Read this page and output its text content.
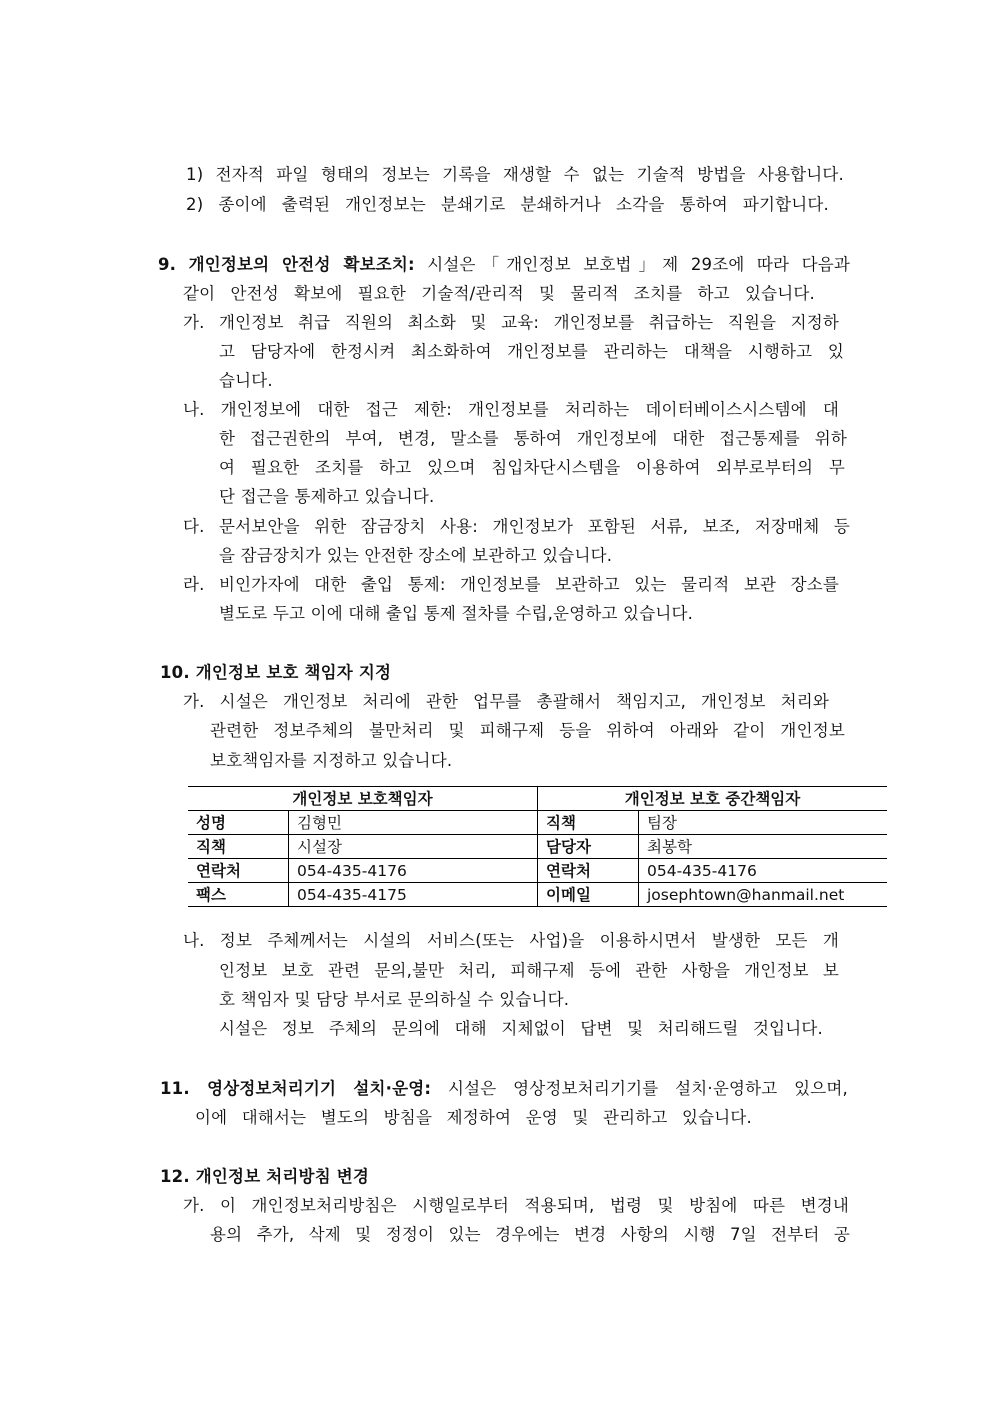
1) 전자적 파일 형태의 정보는 기록을 재생할 수 없는 기술적 방법을 사용합니다.
2) 종이에 출력된 개인정보는 분쇄기로 분쇄하거나 소각을 통하여 파기합니다.
9. 개인정보의 안전성 확보조치: 시설은「개인정보 보호법」제 29조에 따라 다음과
같이 안전성 확보에 필요한 기술적/관리적 및 물리적 조치를 하고 있습니다.
가. 개인정보 취급 직원의 최소화 및 교육: 개인정보를 취급하는 직원을 지정하
고 담당자에 한정시켜 최소화하여 개인정보를 관리하는 대책을 시행하고 있
습니다.
나. 개인정보에 대한 접근 제한: 개인정보를 처리하는 데이터베이스시스템에 대
한 접근권한의 부여, 변경, 말소를 통하여 개인정보에 대한 접근통제를 위하
여 필요한 조치를 하고 있으며 침입차단시스템을 이용하여 외부로부터의 무
단 접근을 통제하고 있습니다.
다. 문서보안을 위한 잠금장치 사용: 개인정보가 포함된 서류, 보조, 저장매체 등
을 잠금장치가 있는 안전한 장소에 보관하고 있습니다.
라. 비인가자에 대한 출입 통제: 개인정보를 보관하고 있는 물리적 보관 장소를
별도로 두고 이에 대해 출입 통제 절차를 수립,운영하고 있습니다.
10. 개인정보 보호 책임자 지정
가. 시설은 개인정보 처리에 관한 업무를 총괄해서 책임지고, 개인정보 처리와
관련한 정보주체의 불만처리 및 피해구제 등을 위하여 아래와 같이 개인정보
보호책임자를 지정하고 있습니다.
개인정보 보호책임자		개인정보 보호 중간책임자	
성명	김형민	직책	팀장
직책	시설장	담당자	최봉학
연락처	054-435-4176	연락처	054-435-4176
팩스	054-435-4175	이메일	josephtown@hanmail.net
나. 정보 주체께서는 시설의 서비스(또는 사업)을 이용하시면서 발생한 모든 개
인정보 보호 관련 문의,불만 처리, 피해구제 등에 관한 사항을 개인정보 보
호 책임자 및 담당 부서로 문의하실 수 있습니다.
시설은 정보 주체의 문의에 대해 지체없이 답변 및 처리해드릴 것입니다.
11. 영상정보처리기기 설치·운영: 시설은 영상정보처리기기를 설치·운영하고 있으며,
이에 대해서는 별도의 방침을 제정하여 운영 및 관리하고 있습니다.
12. 개인정보 처리방침 변경
가. 이 개인정보처리방침은 시행일로부터 적용되며, 법령 및 방침에 따른 변경내
용의 추가, 삭제 및 정정이 있는 경우에는 변경 사항의 시행 7일 전부터 공
